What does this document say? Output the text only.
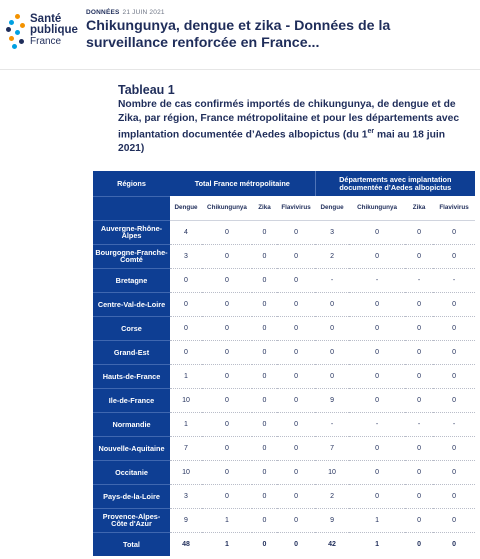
Santé
publique
France
DONNÉES 21 JUIN 2021
Chikungunya, dengue et zika - Données de la surveillance renforcée en France...
Tableau 1

Nombre de cas confirmés importés de chikungunya, de dengue et de Zika, par région, France métropolitaine et pour les départements avec implantation documentée d’Aedes albopictus (du 1er mai au 18 juin 2021)

Régions	Total France métropolitaine				Départements avec implantation documentée d’Aedes albopictus			
	Dengue	Chikungunya	Zika	Flavivirus	Dengue	Chikungunya	Zika	Flavivirus
Auvergne-Rhône-Alpes	4	0	0	0	3	0	0	0
Bourgogne-Franche-Comté	3	0	0	0	2	0	0	0
Bretagne	0	0	0	0	-	-	-	-
Centre-Val-de-Loire	0	0	0	0	0	0	0	0
Corse	0	0	0	0	0	0	0	0
Grand-Est	0	0	0	0	0	0	0	0
Hauts-de-France	1	0	0	0	0	0	0	0
Ile-de-France	10	0	0	0	9	0	0	0
Normandie	1	0	0	0	-	-	-	-
Nouvelle-Aquitaine	7	0	0	0	7	0	0	0
Occitanie	10	0	0	0	10	0	0	0
Pays-de-la-Loire	3	0	0	0	2	0	0	0
Provence-Alpes-Côte d'Azur	9	1	0	0	9	1	0	0
Total	48	1	0	0	42	1	0	0
